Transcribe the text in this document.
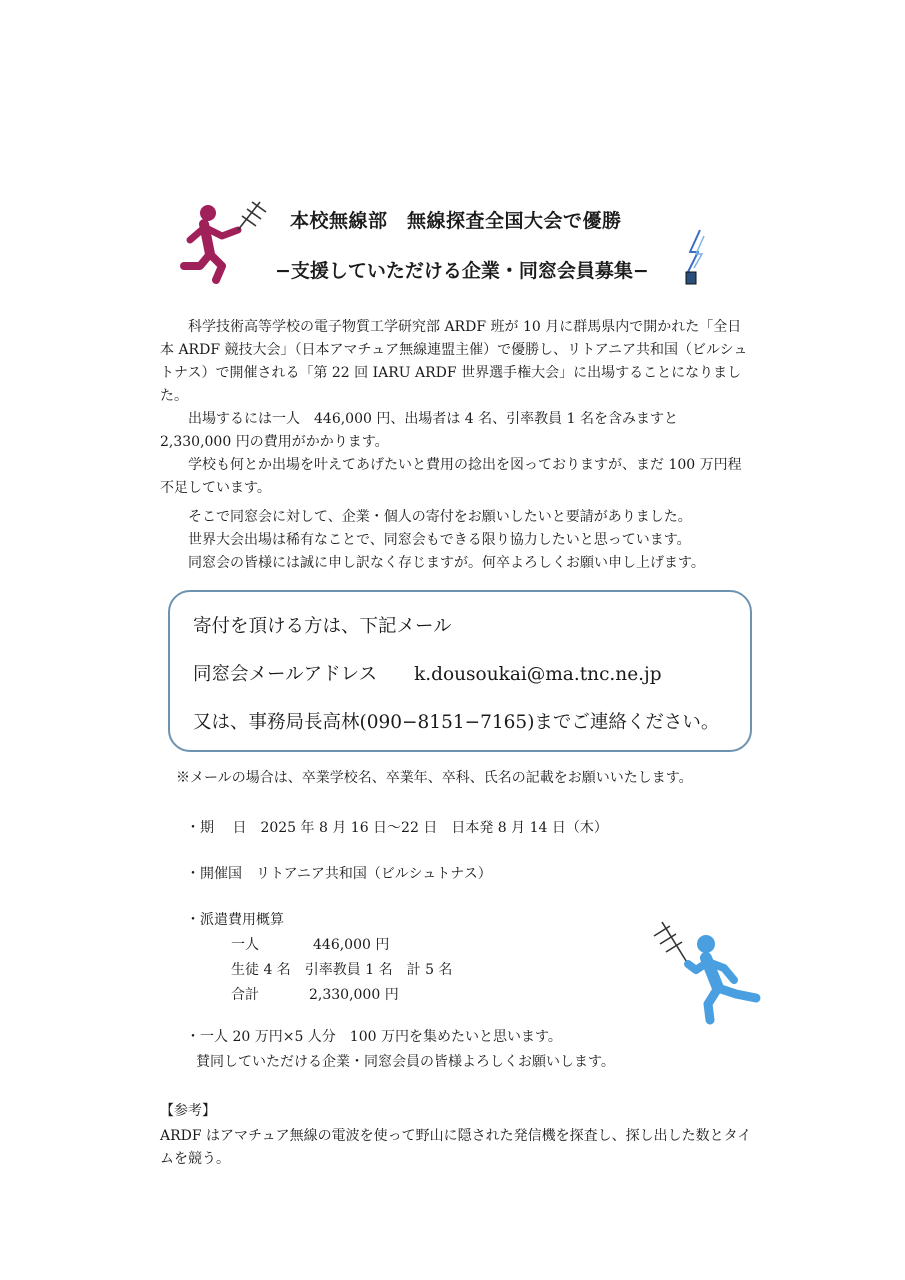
本校無線部　無線探査全国大会で優勝
−支援していただける企業・同窓会員募集−
科学技術高等学校の電子物質工学研究部 ARDF 班が 10 月に群馬県内で開かれた「全日本 ARDF 競技大会」（日本アマチュア無線連盟主催）で優勝し、リトアニア共和国（ビルシュトナス）で開催される「第 22 回 IARU ARDF 世界選手権大会」に出場することになりました。
出場するには一人　446,000 円、出場者は 4 名、引率教員 1 名を含みますと 2,330,000 円の費用がかかります。
学校も何とか出場を叶えてあげたいと費用の捻出を図っておりますが、まだ 100 万円程不足しています。
そこで同窓会に対して、企業・個人の寄付をお願いしたいと要請がありました。
世界大会出場は稀有なことで、同窓会もできる限り協力したいと思っています。
同窓会の皆様には誠に申し訳なく存じますが。何卒よろしくお願い申し上げます。
寄付を頂ける方は、下記メール
同窓会メールアドレス　　k.dousoukai@ma.tnc.ne.jp
又は、事務局長高林(090−8151−7165)までご連絡ください。
※メールの場合は、卒業学校名、卒業年、卒科、氏名の記載をお願いいたします。
・期　 日　2025 年 8 月 16 日〜22 日　日本発 8 月 14 日（木）
・開催国　リトアニア共和国（ビルシュトナス）
・派遣費用概算
一人	446,000 円
生徒 4 名　引率教員 1 名　計 5 名
合計	2,330,000 円
・一人 20 万円×5 人分　100 万円を集めたいと思います。
賛同していただける企業・同窓会員の皆様よろしくお願いします。
【参考】
ARDF はアマチュア無線の電波を使って野山に隠された発信機を探査し、探し出した数とタイムを競う。
